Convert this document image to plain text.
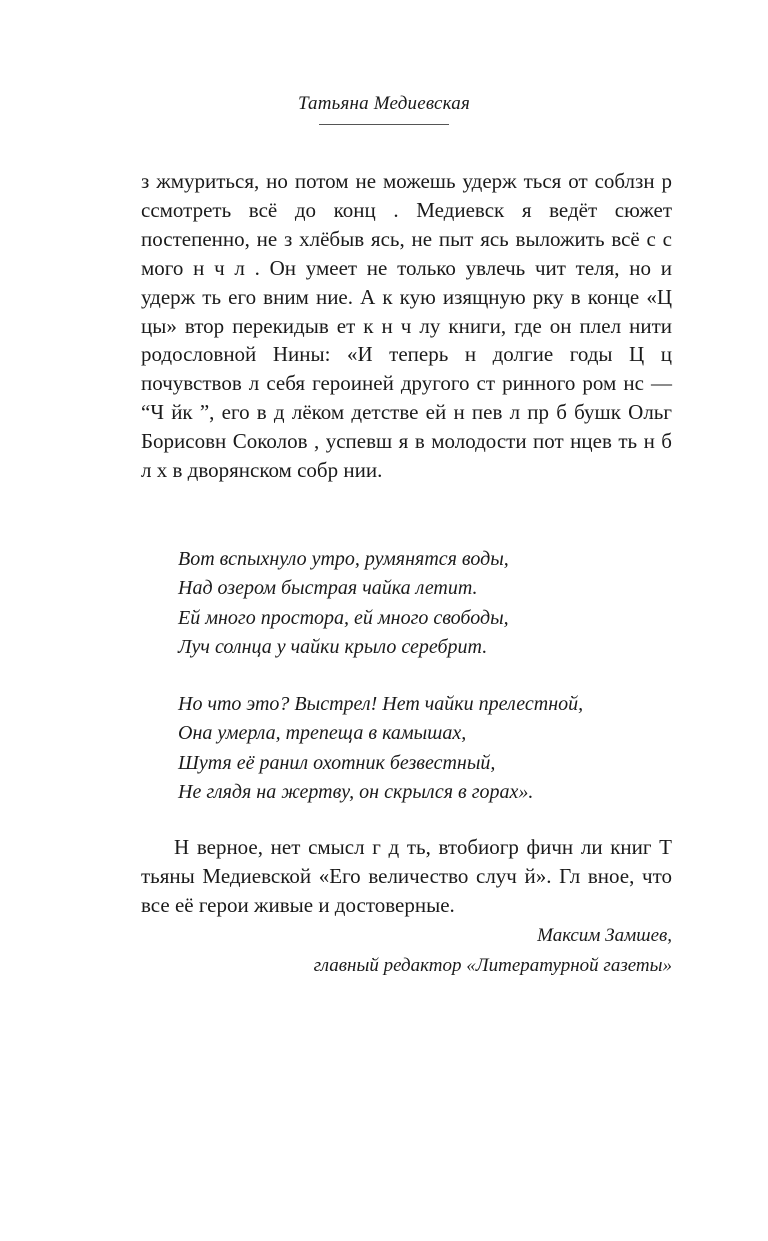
Татьяна Медиевская

з жмуриться, но потом не можешь удерж ться от соблзн р ссмотреть всё до конц . Медиевск я ведёт сюжет постепенно, не з хлёбыв ясь, не пыт ясь выложить всё с с мого н ч л . Он умеет не только увлечь чит теля, но и удерж ть его вним ние. А к кую изящную рку в конце «Ц цы» втор перекидыв ет к н ч лу книги, где он плел нити родословной Нины: «И теперь н долгие годы Ц ц почувствов л себя героиней другого ст ринного ром нс — “Ч йк ”, его в д лёком детстве ей н пев л пр б бушк Ольг Борисовн Соколов , успевш я в молодости пот нцев ть н б л х в дворянском собр нии.

Вот вспыхнуло утро, румянятся воды,
Над озером быстрая чайка летит.
Ей много простора, ей много свободы,
Луч солнца у чайки крыло серебрит.
Но что это? Выстрел! Нет чайки прелестной,
Она умерла, трепеща в камышах,
Шутя её ранил охотник безвестный,
Не глядя на жертву, он скрылся в горах».

Н верное, нет смысл г д ть, втобиогр фичн ли книг Т тьяны Медиевской «Его величество случ й». Гл вное, что все её герои живые и достоверные.

Максим Замшев,
главный редактор «Литературной газеты»
